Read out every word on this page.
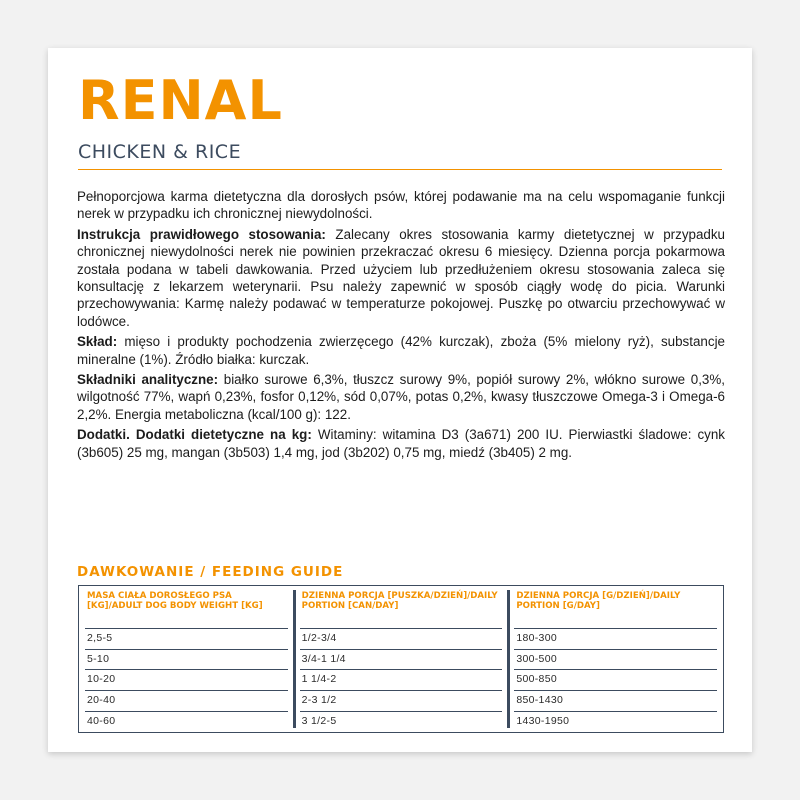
RENAL
CHICKEN & RICE

Pełnoporcjowa karma dietetyczna dla dorosłych psów, której podawanie ma na celu wspomaganie funkcji nerek w przypadku ich chronicznej niewydolności.

Instrukcja prawidłowego stosowania: Zalecany okres stosowania karmy dietetycznej w przypadku chronicznej niewydolności nerek nie powinien przekraczać okresu 6 miesięcy. Dzienna porcja pokarmowa została podana w tabeli dawkowania. Przed użyciem lub przedłużeniem okresu stosowania zaleca się konsultację z lekarzem weterynarii. Psu należy zapewnić w sposób ciągły wodę do picia. Warunki przechowywania: Karmę należy podawać w temperaturze pokojowej. Puszkę po otwarciu przechowywać w lodówce.

Skład: mięso i produkty pochodzenia zwierzęcego (42% kurczak), zboża (5% mielony ryż), substancje mineralne (1%). Źródło białka: kurczak.

Składniki analityczne: białko surowe 6,3%, tłuszcz surowy 9%, popiół surowy 2%, włókno surowe 0,3%, wilgotność 77%, wapń 0,23%, fosfor 0,12%, sód 0,07%, potas 0,2%, kwasy tłuszczowe Omega-3 i Omega-6 2,2%. Energia metaboliczna (kcal/100 g): 122.

Dodatki. Dodatki dietetyczne na kg: Witaminy: witamina D3 (3a671) 200 IU. Pierwiastki śladowe: cynk (3b605) 25 mg, mangan (3b503) 1,4 mg, jod (3b202) 0,75 mg, miedź (3b405) 2 mg.

DAWKOWANIE / FEEDING GUIDE
MASA CIAŁA DOROSŁEGO PSA [KG]/ADULT DOG BODY WEIGHT [KG]
2,5-5
5-10
10-20
20-40
40-60
DZIENNA PORCJA [PUSZKA/DZIEŃ]/DAILY PORTION [CAN/DAY]
1/2-3/4
3/4-1 1/4
1 1/4-2
2-3 1/2
3 1/2-5
DZIENNA PORCJA [G/DZIEŃ]/DAILY PORTION [G/DAY]
180-300
300-500
500-850
850-1430
1430-1950
